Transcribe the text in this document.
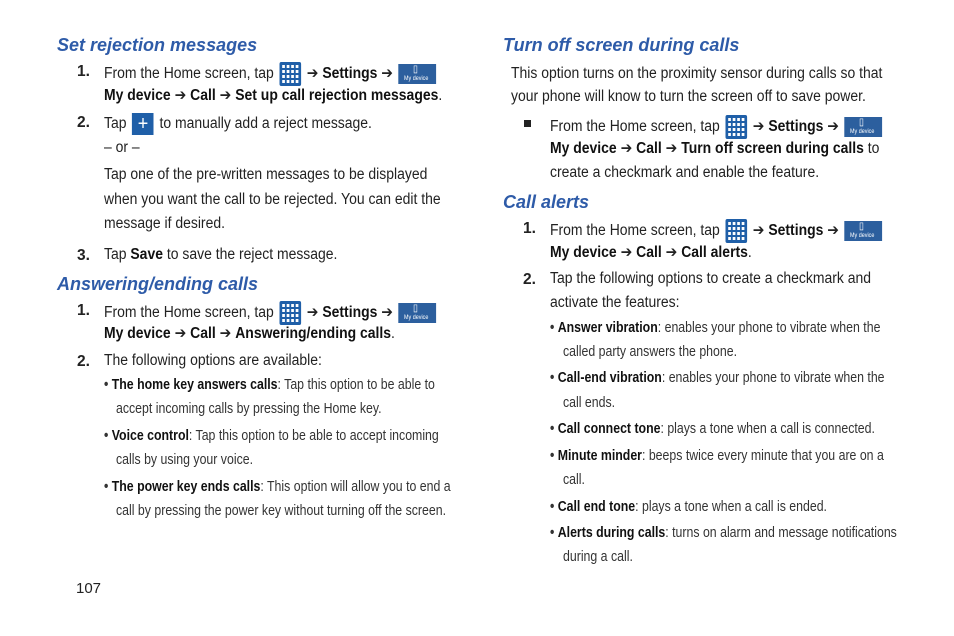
Set rejection messages
1. From the Home screen, tap ➔ Settings ➔ ▯
My device
My device ➔ Call ➔ Set up call rejection messages.
2. Tap + to manually add a reject message.
– or –
Tap one of the pre-written messages to be displayed
when you want the call to be rejected. You can edit the
message if desired.
3. Tap Save to save the reject message.
Answering/ending calls
1. From the Home screen, tap ➔ Settings ➔ ▯
My device
My device ➔ Call ➔ Answering/ending calls.
2. The following options are available:
• The home key answers calls: Tap this option to be able to
accept incoming calls by pressing the Home key.
• Voice control: Tap this option to be able to accept incoming
calls by using your voice.
• The power key ends calls: This option will allow you to end a
call by pressing the power key without turning off the screen.
107
Turn off screen during calls
This option turns on the proximity sensor during calls so that
your phone will know to turn the screen off to save power.
From the Home screen, tap ➔ Settings ➔ ▯
My device
My device ➔ Call ➔ Turn off screen during calls to
create a checkmark and enable the feature.
Call alerts
1. From the Home screen, tap ➔ Settings ➔ ▯
My device
My device ➔ Call ➔ Call alerts.
2. Tap the following options to create a checkmark and
activate the features:
• Answer vibration: enables your phone to vibrate when the
called party answers the phone.
• Call-end vibration: enables your phone to vibrate when the
call ends.
• Call connect tone: plays a tone when a call is connected.
• Minute minder: beeps twice every minute that you are on a
call.
• Call end tone: plays a tone when a call is ended.
• Alerts during calls: turns on alarm and message notifications
during a call.
